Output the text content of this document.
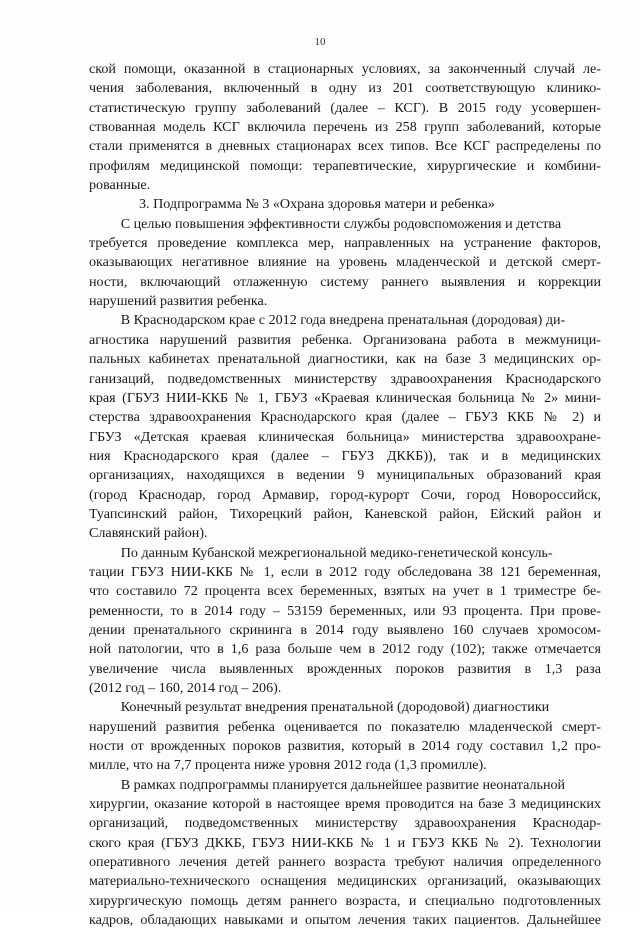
10
ской помощи, оказанной в стационарных условиях, за законченный случай ле-
чения заболевания, включенный в одну из 201 соответствующую клинико-
статистическую группу заболеваний (далее – КСГ). В 2015 году усовершен-
ствованная модель КСГ включила перечень из 258 групп заболеваний, которые
стали применятся в дневных стационарах всех типов. Все КСГ распределены по
профилям медицинской помощи: терапевтические, хирургические и комбини-
рованные.
3. Подпрограмма № 3 «Охрана здоровья матери и ребенка»
С целью повышения эффективности службы родовспоможения и детства
требуется проведение комплекса мер, направленных на устранение факторов,
оказывающих негативное влияние на уровень младенческой и детской смерт-
ности, включающий отлаженную систему раннего выявления и коррекции
нарушений развития ребенка.
В Краснодарском крае с 2012 года внедрена пренатальная (дородовая) ди-
агностика нарушений развития ребенка. Организована работа в межмуници-
пальных кабинетах пренатальной диагностики, как на базе 3 медицинских ор-
ганизаций, подведомственных министерству здравоохранения Краснодарского
края (ГБУЗ НИИ-ККБ № 1, ГБУЗ «Краевая клиническая больница № 2» мини-
стерства здравоохранения Краснодарского края (далее – ГБУЗ ККБ № 2) и
ГБУЗ «Детская краевая клиническая больница» министерства здравоохране-
ния Краснодарского края (далее – ГБУЗ ДККБ)), так и в медицинских
организациях, находящихся в ведении 9 муниципальных образований края
(город Краснодар, город Армавир, город-курорт Сочи, город Новороссийск,
Туапсинский район, Тихорецкий район, Каневской район, Ейский район и
Славянский район).
По данным Кубанской межрегиональной медико-генетической консуль-
тации ГБУЗ НИИ-ККБ № 1, если в 2012 году обследована 38 121 беременная,
что составило 72 процента всех беременных, взятых на учет в 1 триместре бе-
ременности, то в 2014 году – 53159 беременных, или 93 процента. При прове-
дении пренатального скрининга в 2014 году выявлено 160 случаев хромосом-
ной патологии, что в 1,6 раза больше чем в 2012 году (102); также отмечается
увеличение числа выявленных врожденных пороков развития в 1,3 раза
(2012 год – 160, 2014 год – 206).
Конечный результат внедрения пренатальной (дородовой) диагностики
нарушений развития ребенка оценивается по показателю младенческой смерт-
ности от врожденных пороков развития, который в 2014 году составил 1,2 про-
милле, что на 7,7 процента ниже уровня 2012 года (1,3 промилле).
В рамках подпрограммы планируется дальнейшее развитие неонатальной
хирургии, оказание которой в настоящее время проводится на базе 3 медицинских
организаций, подведомственных министерству здравоохранения Краснодар-
ского края (ГБУЗ ДККБ, ГБУЗ НИИ-ККБ № 1 и ГБУЗ ККБ № 2). Технологии
оперативного лечения детей раннего возраста требуют наличия определенного
материально-технического оснащения медицинских организаций, оказывающих
хирургическую помощь детям раннего возраста, и специально подготовленных
кадров, обладающих навыками и опытом лечения таких пациентов. Дальнейшее
